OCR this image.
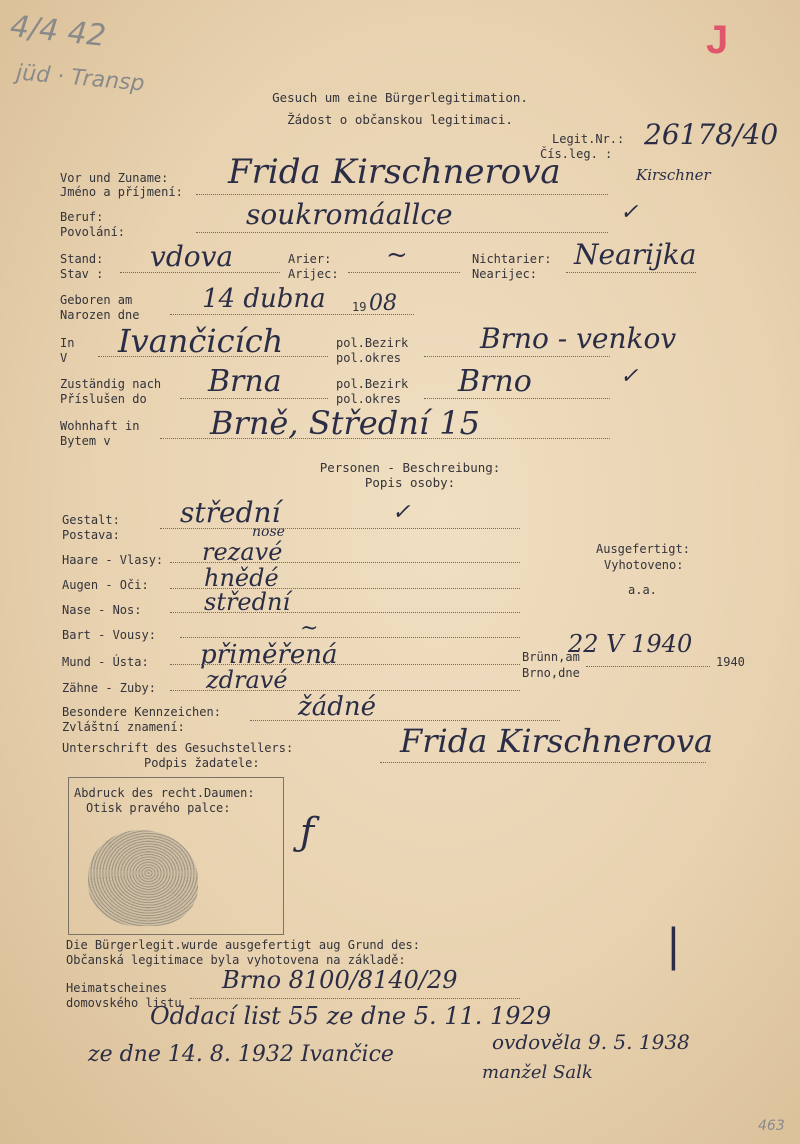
4/4 42
jüd · Transp
J
Gesuch um eine Bürgerlegitimation.
Žádost o občanskou legitimaci.
Legit.Nr.:
Čís.leg. :
26178/40
Vor und Zuname:
Jméno a příjmení: Frida Kirschnerova	Kirschner
Beruf:
Povolání:
soukromáallce	✓
Stand:
Stav :
vdova	Arier:
Arijec:
~	Nichtarier:
Nearijec:
Nearijka
Geboren am
Narozen dne
14 dubna 19 08
In
V Ivančicích	pol.Bezirk
pol.okres
Brno - venkov
Zuständig nach
Příslušen do Brna	pol.Bezirk
pol.okres Brno	✓
Wohnhaft in
Bytem v	Brně, Střední 15
Personen - Beschreibung:
Popis osoby:
Gestalt:
Postava:
střední
nose
✓
Haare - Vlasy: rezavé
Augen - Oči: hnědé
Nase - Nos:	střední
Bart - Vousy:	~
Mund - Ústa: přiměřená
Zähne - Zuby: zdravé
Besondere Kennzeichen:
Zvláštní znamení:
žádné
Ausgefertigt:
Vyhotoveno:
a.a.
Brünn,am
Brno,dne
22 V 1940
1940
Unterschrift des Gesuchstellers:
Podpis žadatele:
Frida Kirschnerova
Abdruck des recht.Daumen:
Otisk pravého palce:
ƒ
|
Die Bürgerlegit.wurde ausgefertigt aug Grund des:
Občanská legitimace byla vyhotovena na základě:
Heimatscheines
domovského listu
Brno 8100/8140/29
Oddací list 55 ze dne 5. 11. 1929
ze dne 14. 8. 1932 Ivančice	ovdověla 9. 5. 1938
manžel Salk
463
